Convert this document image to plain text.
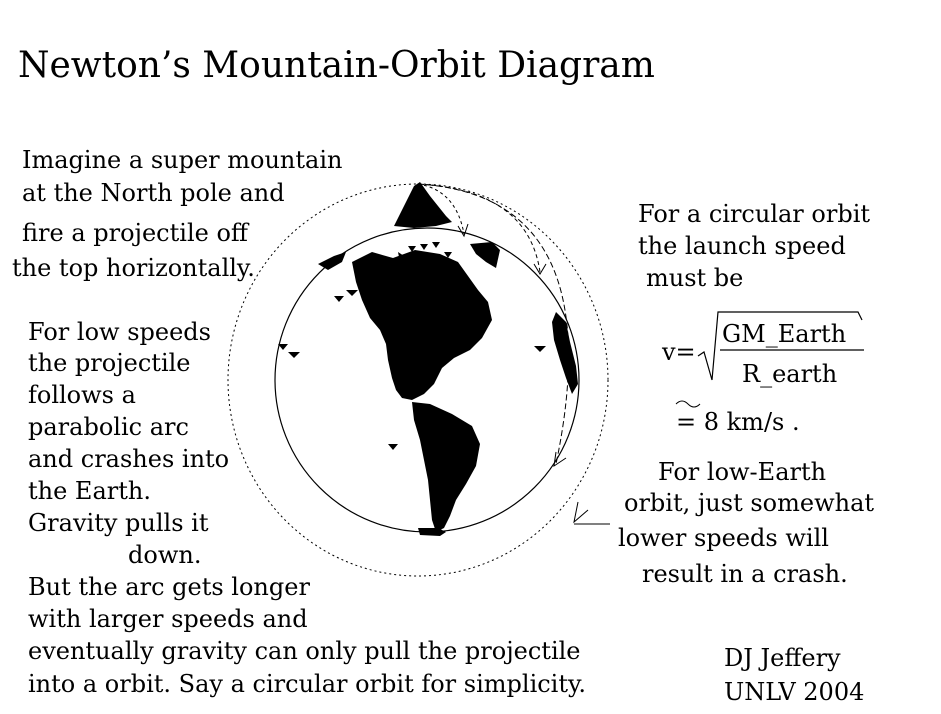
Newton’s Mountain-Orbit Diagram
Imagine a super mountain
at the North pole and
fire a projectile off
the top horizontally.
For low speeds
the projectile
follows a
parabolic arc
and crashes into
the Earth.
Gravity pulls it
down.
But the arc gets longer
with larger speeds and
eventually gravity can only pull the projectile
into a orbit. Say a circular orbit for simplicity.
For a circular orbit
the launch speed
must be
v=
GM_Earth
R_earth
= 8 km/s .
For low-Earth
orbit, just somewhat
lower speeds will
result in a crash.
DJ Jeffery
UNLV 2004
